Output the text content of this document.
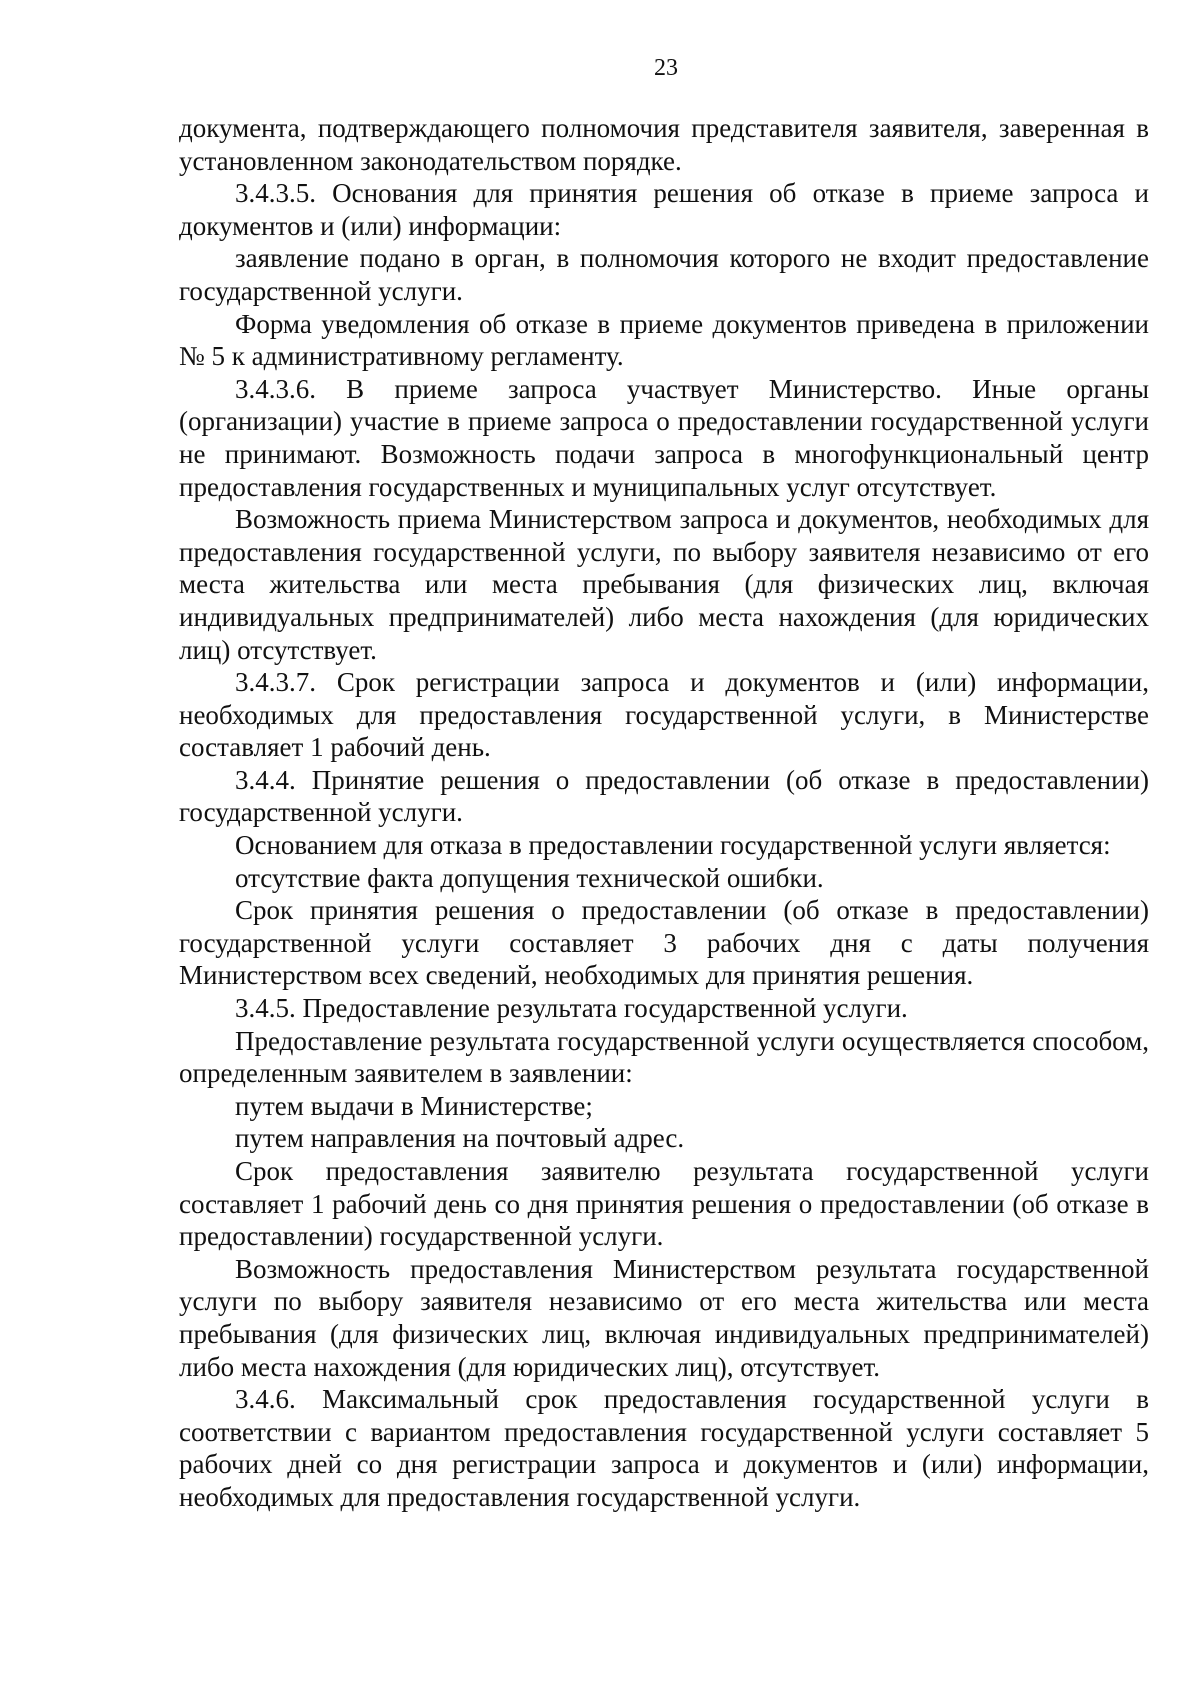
23

документа, подтверждающего полномочия представителя заявителя, заверенная в установленном законодательством порядке.

3.4.3.5. Основания для принятия решения об отказе в приеме запроса и документов и (или) информации:

заявление подано в орган, в полномочия которого не входит предоставление государственной услуги.

Форма уведомления об отказе в приеме документов приведена в приложении № 5 к административному регламенту.

3.4.3.6. В приеме запроса участвует Министерство. Иные органы (организации) участие в приеме запроса о предоставлении государственной услуги не принимают. Возможность подачи запроса в многофункциональный центр предоставления государственных и муниципальных услуг отсутствует.

Возможность приема Министерством запроса и документов, необходимых для предоставления государственной услуги, по выбору заявителя независимо от его места жительства или места пребывания (для физических лиц, включая индивидуальных предпринимателей) либо места нахождения (для юридических лиц) отсутствует.

3.4.3.7. Срок регистрации запроса и документов и (или) информации, необходимых для предоставления государственной услуги, в Министерстве составляет 1 рабочий день.

3.4.4. Принятие решения о предоставлении (об отказе в предоставлении) государственной услуги.

Основанием для отказа в предоставлении государственной услуги является:

отсутствие факта допущения технической ошибки.

Срок принятия решения о предоставлении (об отказе в предоставлении) государственной услуги составляет 3 рабочих дня с даты получения Министерством всех сведений, необходимых для принятия решения.

3.4.5. Предоставление результата государственной услуги.

Предоставление результата государственной услуги осуществляется способом, определенным заявителем в заявлении:

путем выдачи в Министерстве;

путем направления на почтовый адрес.

Срок предоставления заявителю результата государственной услуги составляет 1 рабочий день со дня принятия решения о предоставлении (об отказе в предоставлении) государственной услуги.

Возможность предоставления Министерством результата государственной услуги по выбору заявителя независимо от его места жительства или места пребывания (для физических лиц, включая индивидуальных предпринимателей) либо места нахождения (для юридических лиц), отсутствует.

3.4.6. Максимальный срок предоставления государственной услуги в соответствии с вариантом предоставления государственной услуги составляет 5 рабочих дней со дня регистрации запроса и документов и (или) информации, необходимых для предоставления государственной услуги.
